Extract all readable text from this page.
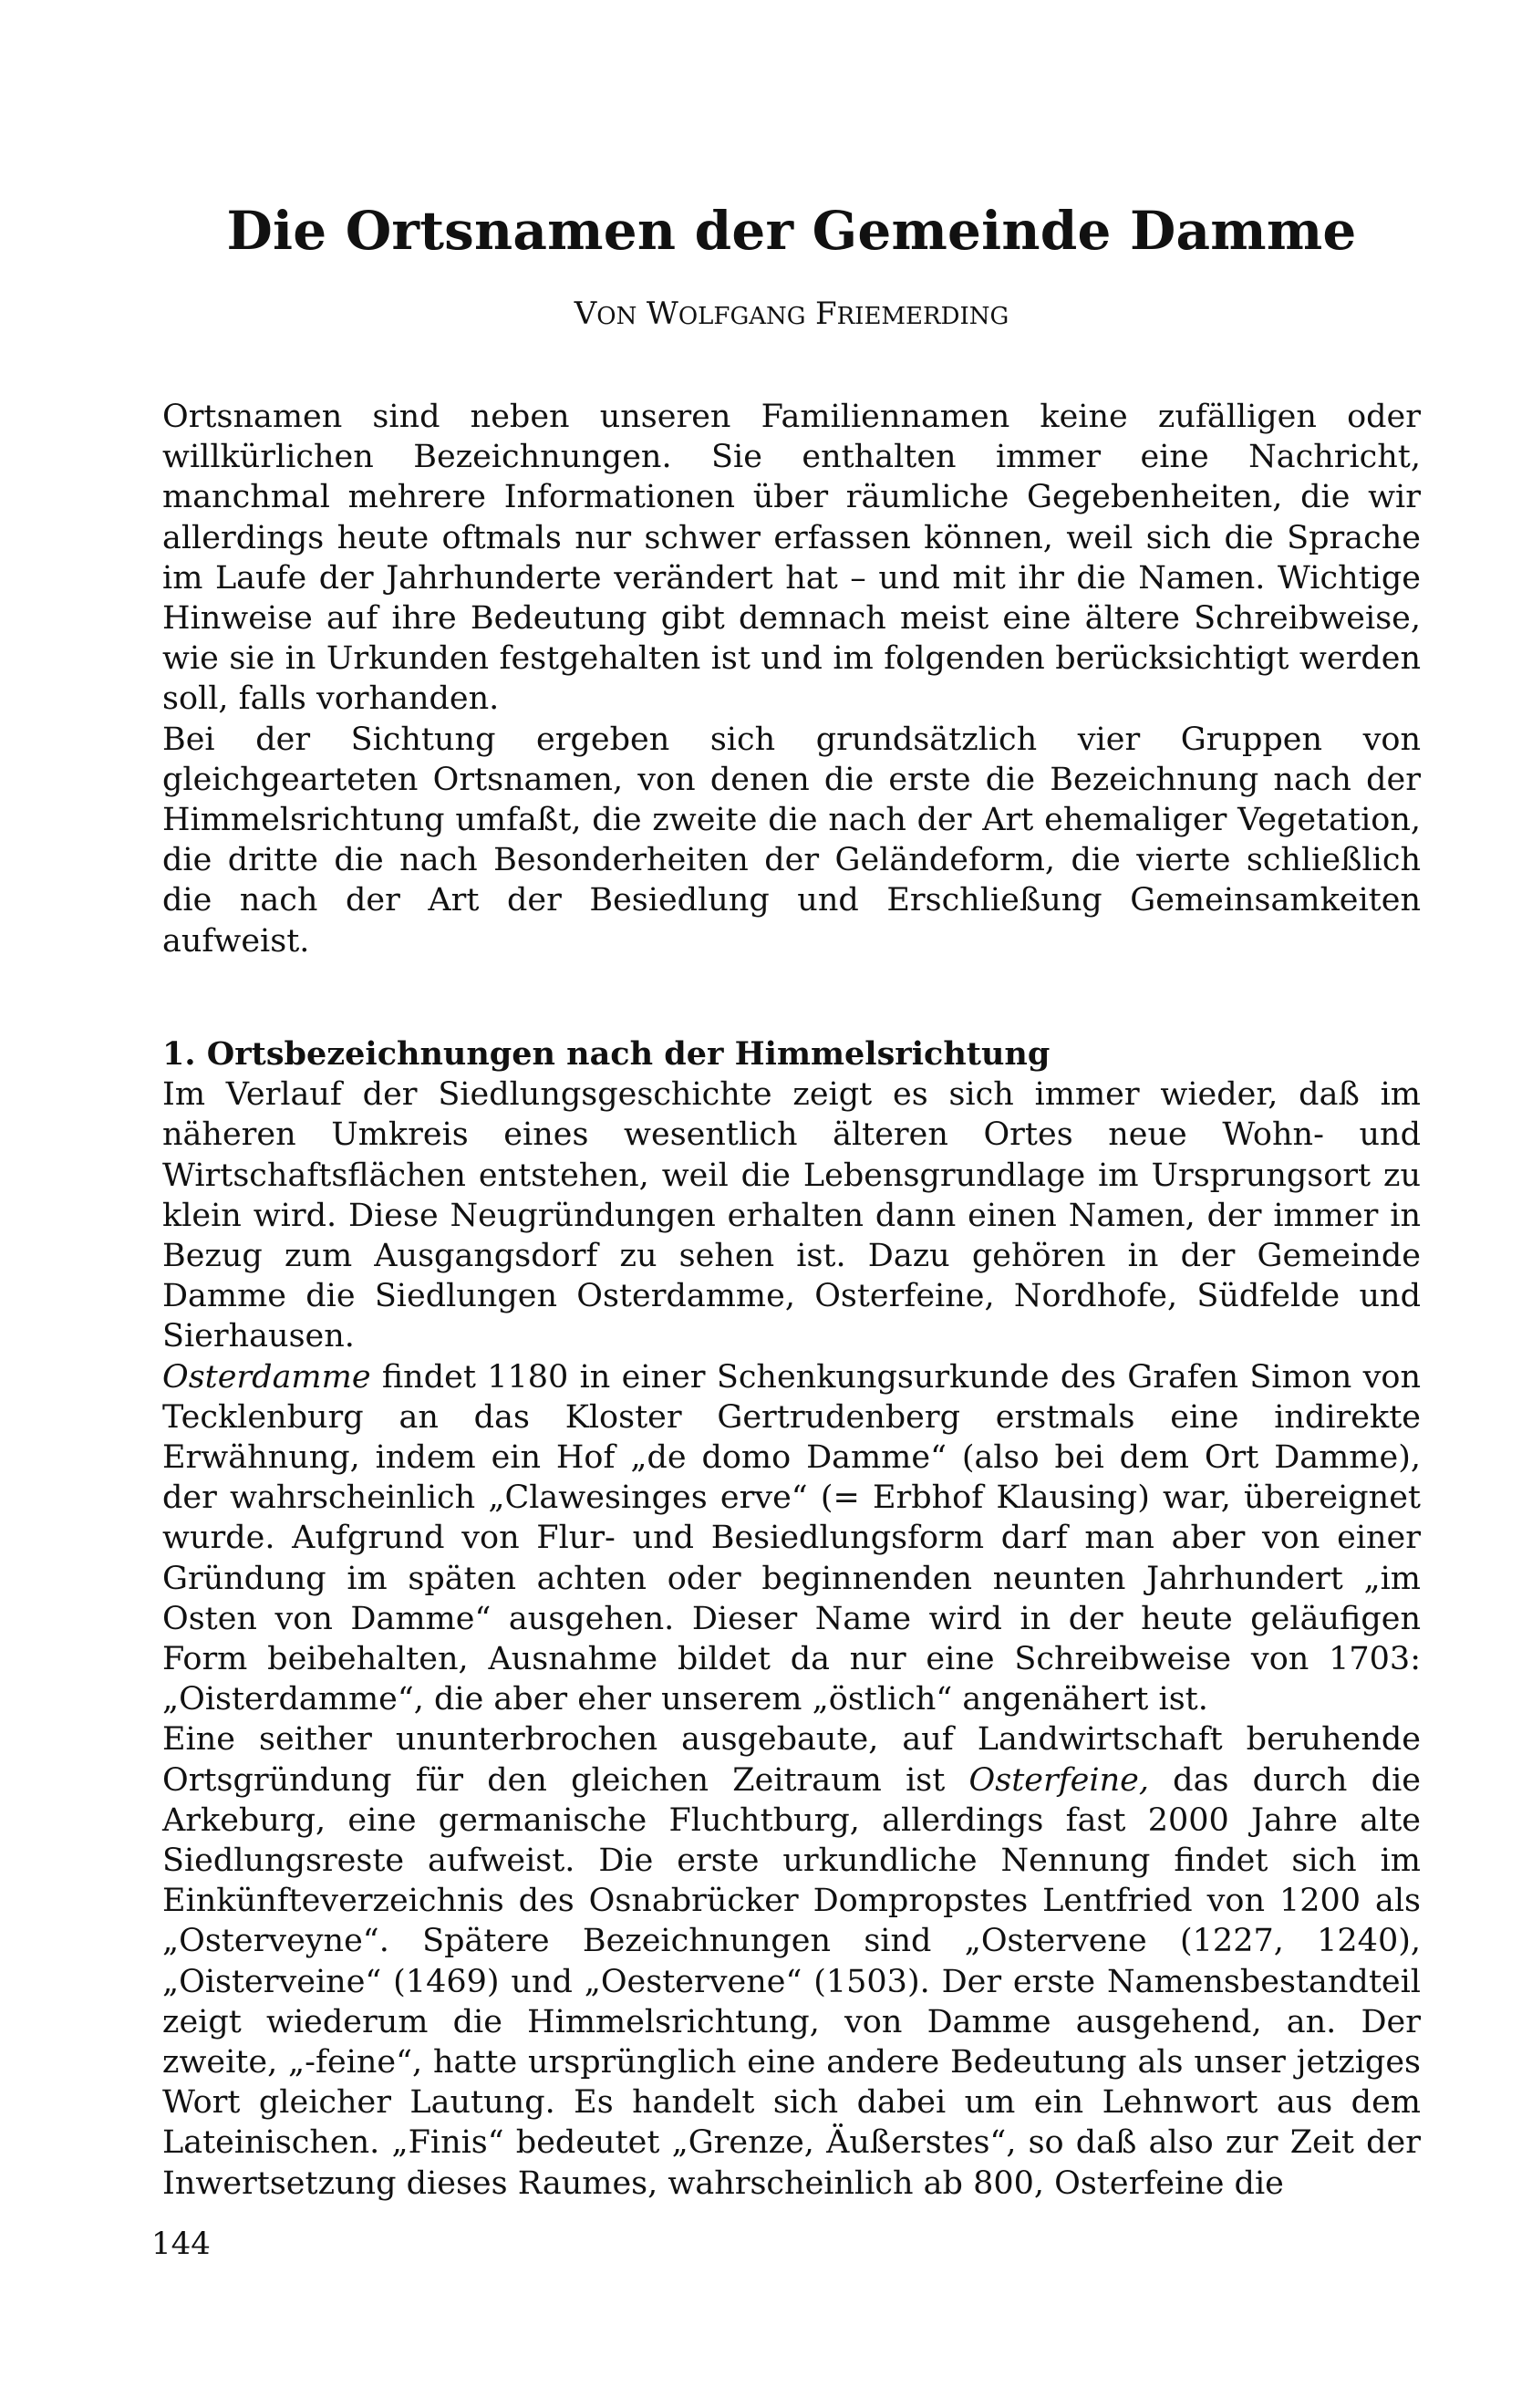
Die Ortsnamen der Gemeinde Damme

VON WOLFGANG FRIEMERDING

Ortsnamen sind neben unseren Familiennamen keine zufälligen oder willkürlichen Bezeichnungen. Sie enthalten immer eine Nachricht, manchmal mehrere Informationen über räumliche Gegebenheiten, die wir allerdings heute oftmals nur schwer erfassen können, weil sich die Sprache im Laufe der Jahrhunderte verändert hat – und mit ihr die Namen. Wichtige Hinweise auf ihre Bedeutung gibt demnach meist eine ältere Schreibweise, wie sie in Urkunden festgehalten ist und im folgenden berücksichtigt werden soll, falls vorhanden.

Bei der Sichtung ergeben sich grundsätzlich vier Gruppen von gleichgearteten Ortsnamen, von denen die erste die Bezeichnung nach der Himmelsrichtung umfaßt, die zweite die nach der Art ehemaliger Vegetation, die dritte die nach Besonderheiten der Geländeform, die vierte schließlich die nach der Art der Besiedlung und Erschließung Gemeinsamkeiten aufweist.

1. Ortsbezeichnungen nach der Himmelsrichtung

Im Verlauf der Siedlungsgeschichte zeigt es sich immer wieder, daß im näheren Umkreis eines wesentlich älteren Ortes neue Wohn- und Wirtschaftsflächen entstehen, weil die Lebensgrundlage im Ursprungsort zu klein wird. Diese Neugründungen erhalten dann einen Namen, der immer in Bezug zum Ausgangsdorf zu sehen ist. Dazu gehören in der Gemeinde Damme die Siedlungen Osterdamme, Osterfeine, Nordhofe, Südfelde und Sierhausen.

Osterdamme findet 1180 in einer Schenkungsurkunde des Grafen Simon von Tecklenburg an das Kloster Gertrudenberg erstmals eine indirekte Erwähnung, indem ein Hof „de domo Damme“ (also bei dem Ort Damme), der wahrscheinlich „Clawesinges erve“ (= Erbhof Klausing) war, übereignet wurde. Aufgrund von Flur- und Besiedlungsform darf man aber von einer Gründung im späten achten oder beginnenden neunten Jahrhundert „im Osten von Damme“ ausgehen. Dieser Name wird in der heute geläufigen Form beibehalten, Ausnahme bildet da nur eine Schreibweise von 1703: „Oisterdamme“, die aber eher unserem „östlich“ angenähert ist.

Eine seither ununterbrochen ausgebaute, auf Landwirtschaft beruhende Ortsgründung für den gleichen Zeitraum ist Osterfeine, das durch die Arkeburg, eine germanische Fluchtburg, allerdings fast 2000 Jahre alte Siedlungsreste aufweist. Die erste urkundliche Nennung findet sich im Einkünfteverzeichnis des Osnabrücker Dompropstes Lentfried von 1200 als „Osterveyne“. Spätere Bezeichnungen sind „Ostervene (1227, 1240), „Oisterveine“ (1469) und „Oestervene“ (1503). Der erste Namensbestandteil zeigt wiederum die Himmelsrichtung, von Damme ausgehend, an. Der zweite, „-feine“, hatte ursprünglich eine andere Bedeutung als unser jetziges Wort gleicher Lautung. Es handelt sich dabei um ein Lehnwort aus dem Lateinischen. „Finis“ bedeutet „Grenze, Äußerstes“, so daß also zur Zeit der Inwertsetzung dieses Raumes, wahrscheinlich ab 800, Osterfeine die

144
